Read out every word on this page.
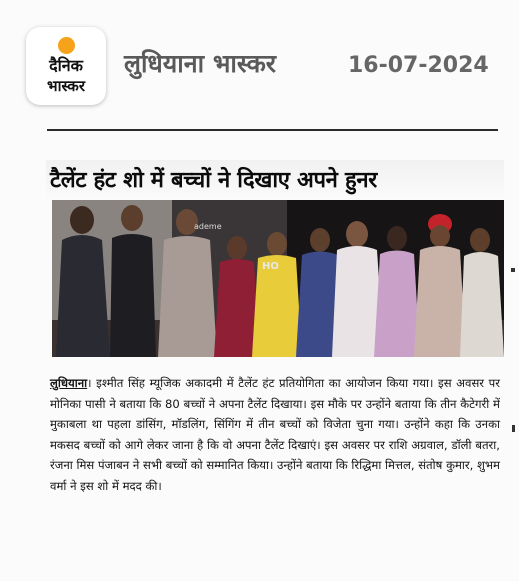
दैनिक
भास्कर
लुधियाना भास्कर	16-07-2024
टैलेंट हंट शो में बच्चों ने दिखाए अपने हुनर
ademe
HO
लुधियाना। इश्मीत सिंह म्यूजिक अकादमी में टैलेंट हंट प्रतियोगिता का आयोजन किया गया। इस अवसर पर मोनिका पासी ने बताया कि 80 बच्चों ने अपना टैलेंट दिखाया। इस मौके पर उन्होंने बताया कि तीन कैटेगरी में मुकाबला था पहला डांसिंग, मॉडलिंग, सिंगिंग में तीन बच्चों को विजेता चुना गया। उन्होंने कहा कि उनका मकसद बच्चों को आगे लेकर जाना है कि वो अपना टैलेंट दिखाएं। इस अवसर पर राशि अग्रवाल, डॉली बतरा, रंजना मिस पंजाबन ने सभी बच्चों को सम्मानित किया। उन्होंने बताया कि रिद्धिमा मित्तल, संतोष कुमार, शुभम वर्मा ने इस शो में मदद की।
